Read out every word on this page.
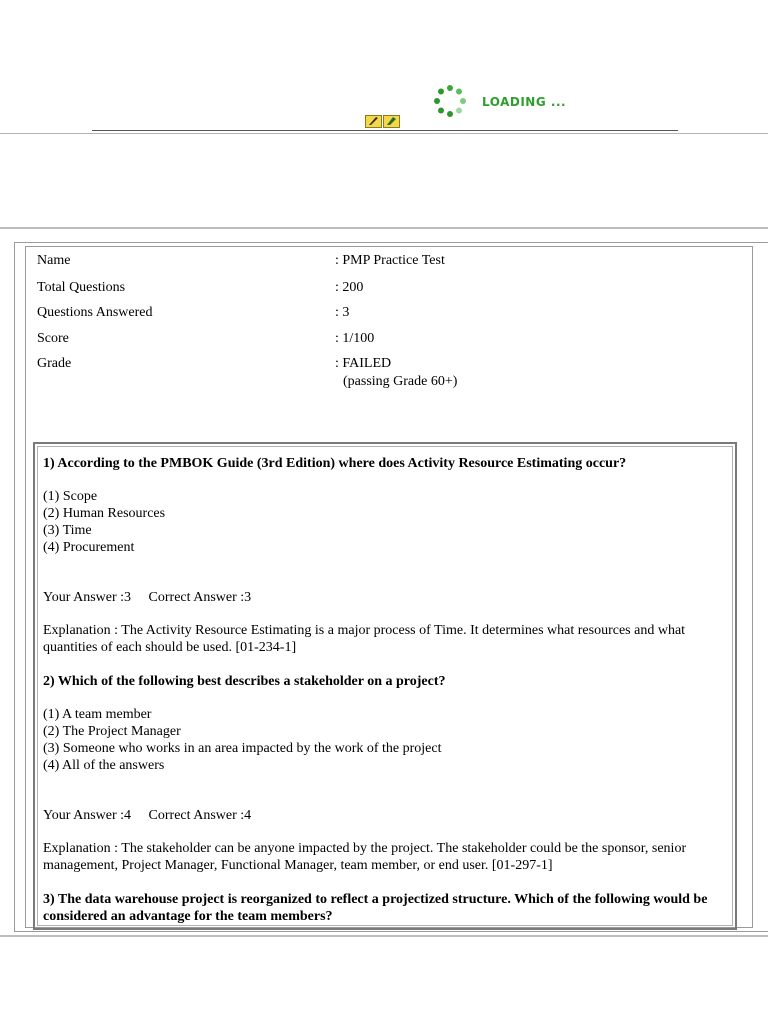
LOADING ...
Name	: PMP Practice Test
Total Questions	: 200
Questions Answered	: 3
Score	: 1/100
Grade	: FAILED
(passing Grade 60+)
1) According to the PMBOK Guide (3rd Edition) where does Activity Resource Estimating occur?
(1) Scope
(2) Human Resources
(3) Time
(4) Procurement
Your Answer :3     Correct Answer :3
Explanation : The Activity Resource Estimating is a major process of Time. It determines what resources and what quantities of each should be used. [01-234-1]
2) Which of the following best describes a stakeholder on a project?
(1) A team member
(2) The Project Manager
(3) Someone who works in an area impacted by the work of the project
(4) All of the answers
Your Answer :4     Correct Answer :4
Explanation : The stakeholder can be anyone impacted by the project. The stakeholder could be the sponsor, senior management, Project Manager, Functional Manager, team member, or end user. [01-297-1]
3) The data warehouse project is reorganized to reflect a projectized structure. Which of the following would be considered an advantage for the team members?
